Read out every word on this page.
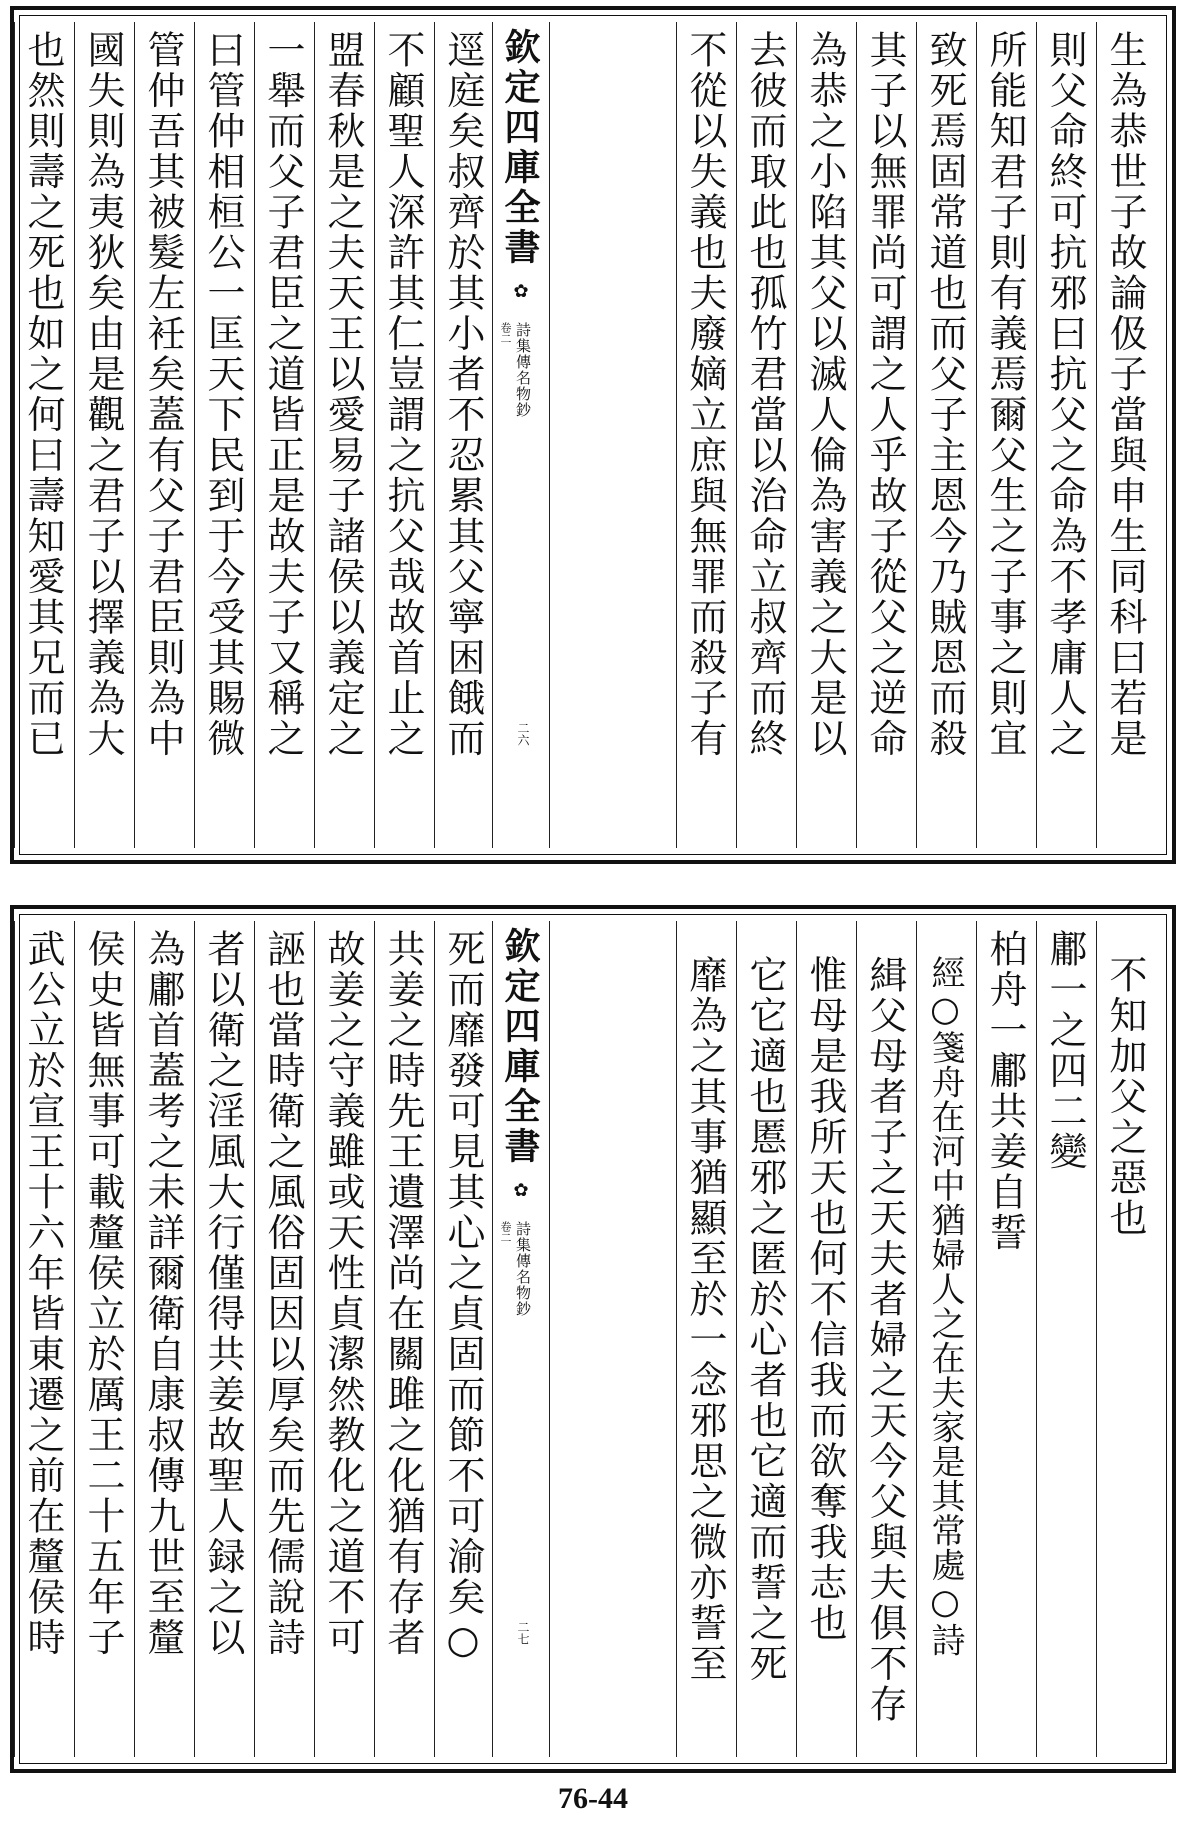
生為恭世子故論伋子當與申生同科曰若是
則父命終可抗邪曰抗父之命為不孝庸人之
所能知君子則有義焉爾父生之子事之則宜
致死焉固常道也而父子主恩今乃賊恩而殺
其子以無罪尚可謂之人乎故子從父之逆命
為恭之小陷其父以滅人倫為害義之大是以
去彼而取此也孤竹君當以治命立叔齊而終
不從以失義也夫廢嫡立庶與無罪而殺子有
逕庭矣叔齊於其小者不忍累其父寧困餓而
不顧聖人深許其仁豈謂之抗父哉故首止之
盟春秋是之夫天王以愛易子諸侯以義定之
一舉而父子君臣之道皆正是故夫子又稱之
曰管仲相桓公一匡天下民到于今受其賜微
管仲吾其被髮左衽矣蓋有父子君臣則為中
國失則為夷狄矣由是觀之君子以擇義為大
也然則壽之死也如之何曰壽知愛其兄而已	欽定四庫全書
✿
詩集傳名物鈔
卷二
二六
不知加父之惡也
鄘一之四二變
柏舟一鄘共姜自誓
經○箋舟在河中猶婦人之在夫家是其常處○詩
緝父母者子之天夫者婦之天今父與夫俱不存
惟母是我所天也何不信我而欲奪我志也
它它適也慝邪之匿於心者也它適而誓之死
靡為之其事猶顯至於一念邪思之微亦誓至
死而靡發可見其心之貞固而節不可渝矣○
共姜之時先王遺澤尚在關雎之化猶有存者
故姜之守義雖或天性貞潔然教化之道不可
誣也當時衛之風俗固因以厚矣而先儒說詩
者以衛之淫風大行僅得共姜故聖人録之以
為鄘首蓋考之未詳爾衛自康叔傳九世至釐
侯史皆無事可載釐侯立於厲王二十五年子
武公立於宣王十六年皆東遷之前在釐侯時	欽定四庫全書
✿
詩集傳名物鈔
卷二
二七
76-44
